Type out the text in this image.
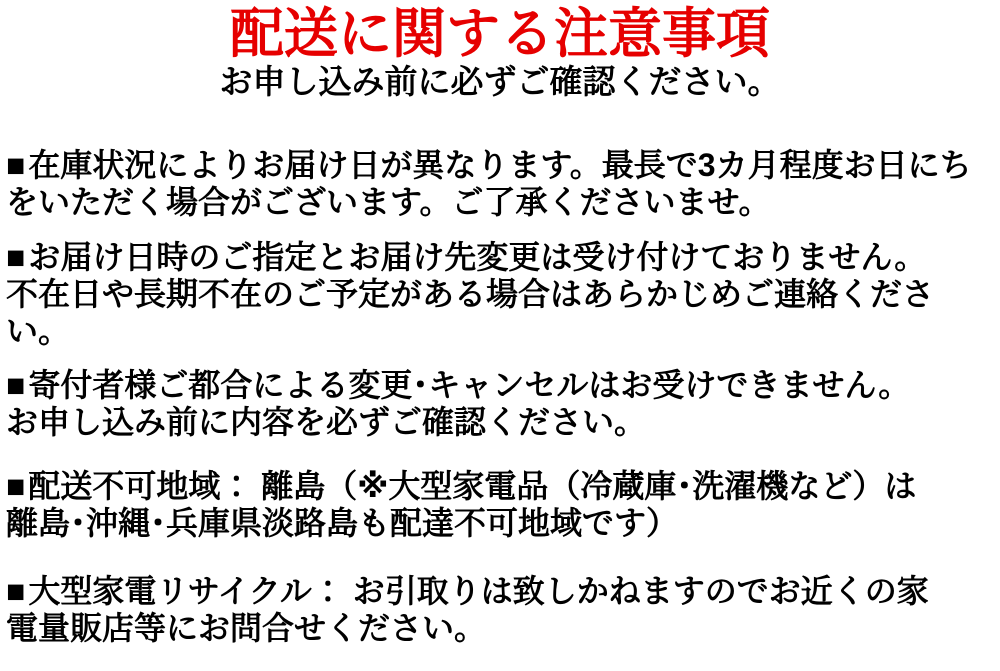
配送に関する注意事項

お申し込み前に必ずご確認ください。

■在庫状況によりお届け日が異なります。最長で3カ月程度お日にち
をいただく場合がございます。ご了承くださいませ。

■お届け日時のご指定とお届け先変更は受け付けておりません。
不在日や長期不在のご予定がある場合はあらかじめご連絡くださ
い。

■寄付者様ご都合による変更･キャンセルはお受けできません。
お申し込み前に内容を必ずご確認ください。

■配送不可地域： 離島（※大型家電品（冷蔵庫･洗濯機など）は
離島･沖縄･兵庫県淡路島も配達不可地域です）

■大型家電リサイクル： お引取りは致しかねますのでお近くの家
電量販店等にお問合せください。
